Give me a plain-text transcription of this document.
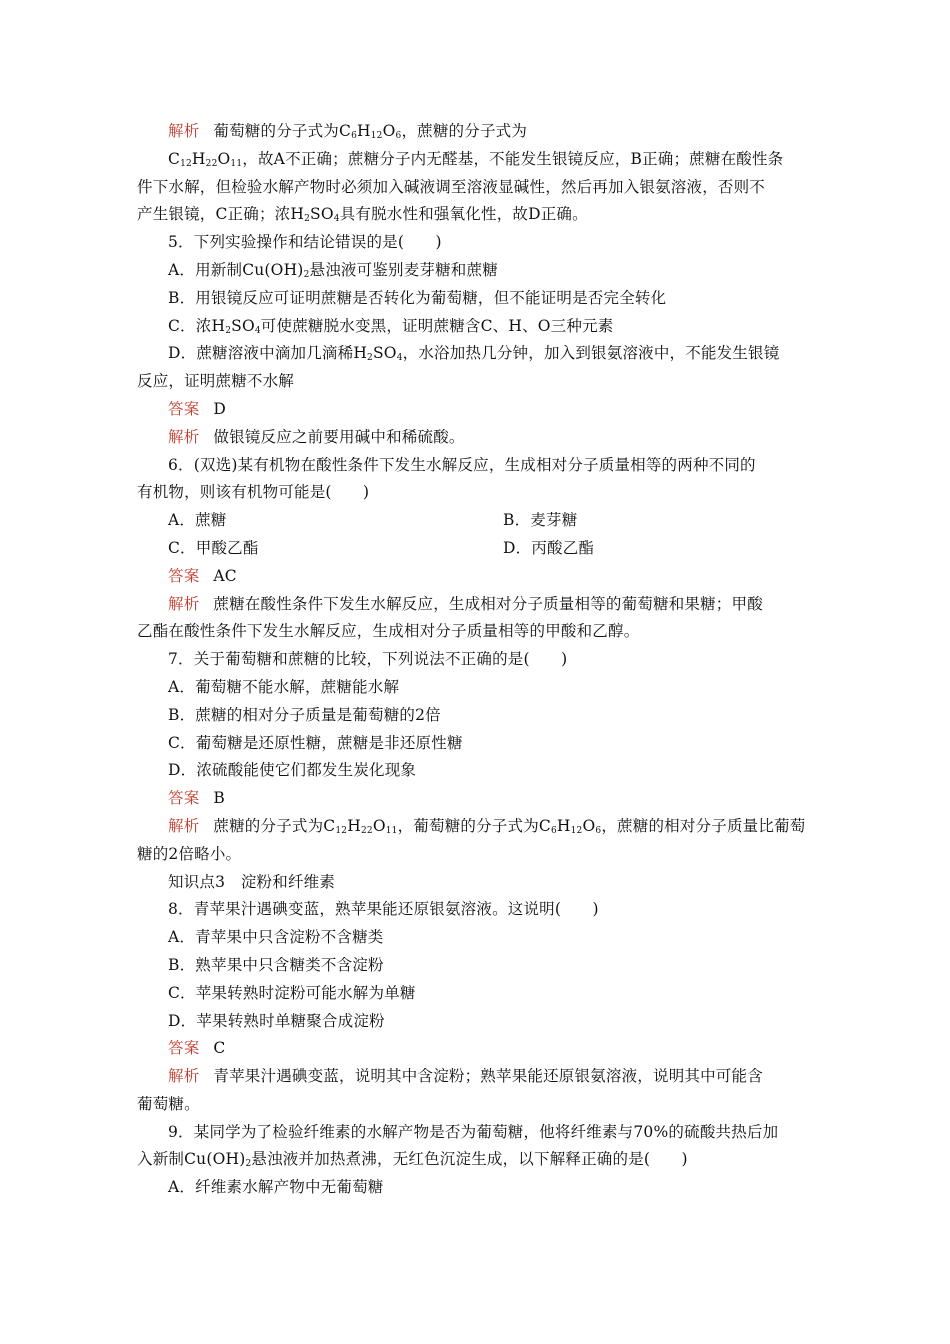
解析 葡萄糖的分子式为$C_6H_{12}O_6$，蔗糖的分子式为
$C_{12}H_{22}O_{11}$，故A不正确；蔗糖分子内无醛基，不能发生银镜反应，B正确；蔗糖在酸性条
件下水解，但检验水解产物时必须加入碱液调至溶液显碱性，然后再加入银氨溶液，否则不
产生银镜，C正确；浓$H_2SO_4$具有脱水性和强氧化性，故D正确。
5．下列实验操作和结论错误的是(　　)
A．用新制$Cu(OH)_2$悬浊液可鉴别麦芽糖和蔗糖
B．用银镜反应可证明蔗糖是否转化为葡萄糖，但不能证明是否完全转化
C．浓$H_2SO_4$可使蔗糖脱水变黑，证明蔗糖含C、H、O三种元素
D．蔗糖溶液中滴加几滴稀$H_2SO_4$，水浴加热几分钟，加入到银氨溶液中，不能发生银镜
反应，证明蔗糖不水解
答案 D
解析 做银镜反应之前要用碱中和稀硫酸。
6．(双选)某有机物在酸性条件下发生水解反应，生成相对分子质量相等的两种不同的
有机物，则该有机物可能是(　　)
A．蔗糖	B．麦芽糖
C．甲酸乙酯	D．丙酸乙酯
答案 AC
解析 蔗糖在酸性条件下发生水解反应，生成相对分子质量相等的葡萄糖和果糖；甲酸
乙酯在酸性条件下发生水解反应，生成相对分子质量相等的甲酸和乙醇。
7．关于葡萄糖和蔗糖的比较，下列说法不正确的是(　　)
A．葡萄糖不能水解，蔗糖能水解
B．蔗糖的相对分子质量是葡萄糖的2倍
C．葡萄糖是还原性糖，蔗糖是非还原性糖
D．浓硫酸能使它们都发生炭化现象
答案 B
解析 蔗糖的分子式为$C_{12}H_{22}O_{11}$，葡萄糖的分子式为$C_6H_{12}O_6$，蔗糖的相对分子质量比葡萄
糖的2倍略小。
知识点3　淀粉和纤维素
8．青苹果汁遇碘变蓝，熟苹果能还原银氨溶液。这说明(　　)
A．青苹果中只含淀粉不含糖类
B．熟苹果中只含糖类不含淀粉
C．苹果转熟时淀粉可能水解为单糖
D．苹果转熟时单糖聚合成淀粉
答案 C
解析 青苹果汁遇碘变蓝，说明其中含淀粉；熟苹果能还原银氨溶液，说明其中可能含
葡萄糖。
9．某同学为了检验纤维素的水解产物是否为葡萄糖，他将纤维素与70%的硫酸共热后加
入新制$Cu(OH)_2$悬浊液并加热煮沸，无红色沉淀生成，以下解释正确的是(　　)
A．纤维素水解产物中无葡萄糖
